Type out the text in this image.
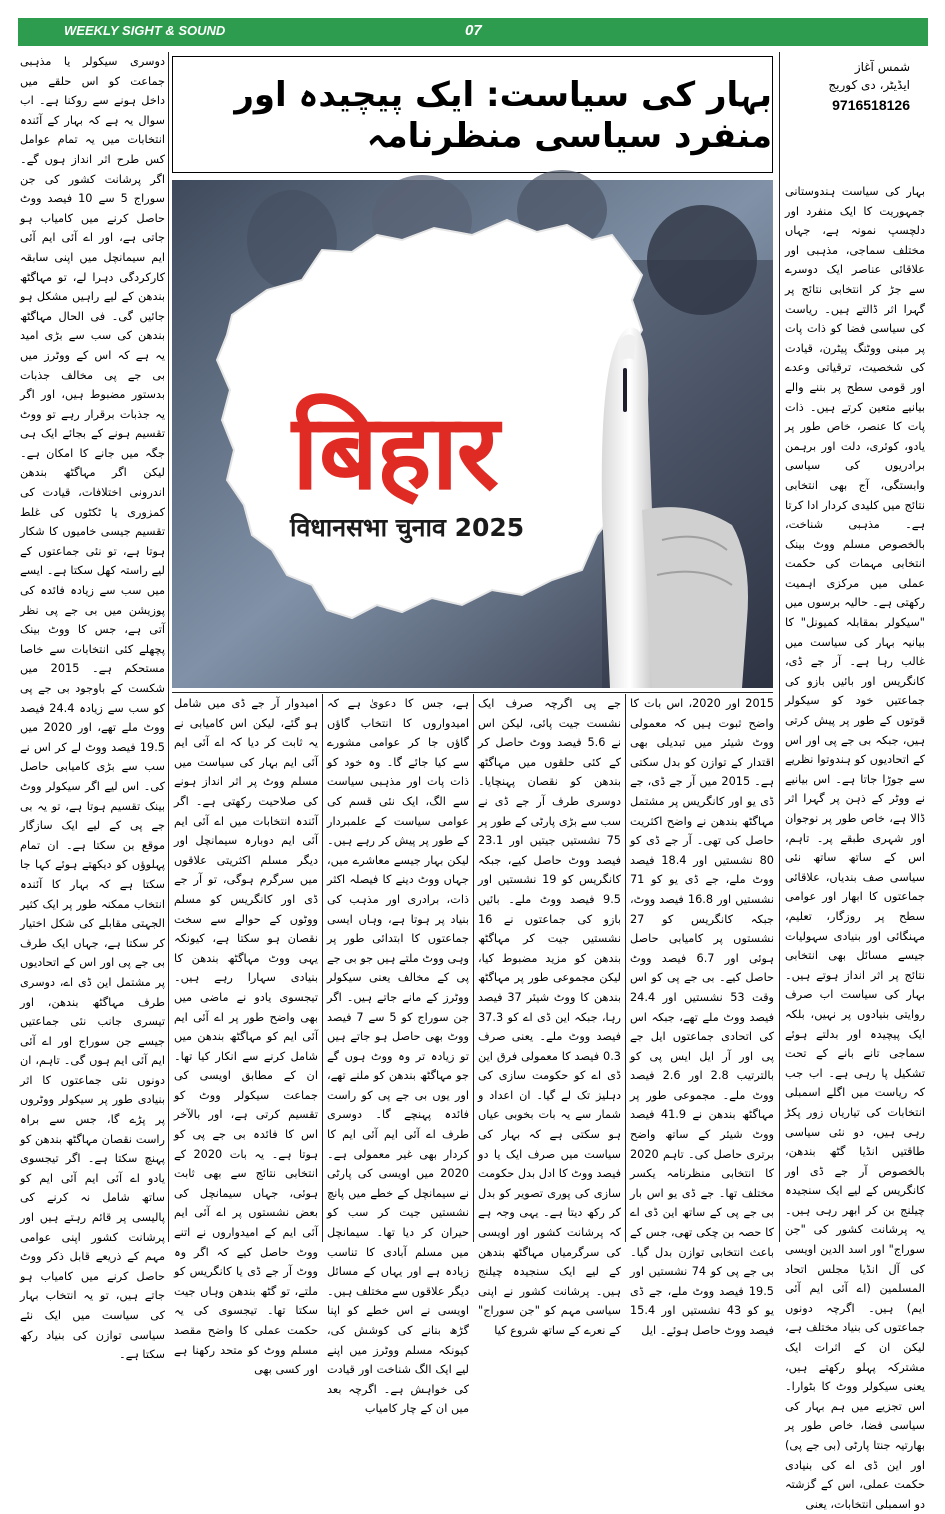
WEEKLY SIGHT & SOUND	07

دوسری سیکولر یا مذہبی جماعت کو اس حلقے میں داخل ہونے سے روکنا ہے۔ اب سوال یہ ہے کہ بہار کے آئندہ انتخابات میں یہ تمام عوامل کس طرح اثر انداز ہوں گے۔ اگر پرشانت کشور کی جن سوراج 5 سے 10 فیصد ووٹ حاصل کرنے میں کامیاب ہو جاتی ہے، اور اے آئی ایم آئی ایم سیمانچل میں اپنی سابقہ کارکردگی دہرا لے، تو مہاگٹھ بندھن کے لیے راہیں مشکل ہو جائیں گی۔ فی الحال مہاگٹھ بندھن کی سب سے بڑی امید یہ ہے کہ اس کے ووٹرز میں بی جے پی مخالف جذبات بدستور مضبوط ہیں، اور اگر یہ جذبات برقرار رہے تو ووٹ تقسیم ہونے کے بجائے ایک ہی جگہ میں جانے کا امکان ہے۔ لیکن اگر مہاگٹھ بندھن اندرونی اختلافات، قیادت کی کمزوری یا ٹکٹوں کی غلط تقسیم جیسی خامیوں کا شکار ہوتا ہے، تو نئی جماعتوں کے لیے راستہ کھل سکتا ہے۔ ایسے میں سب سے زیادہ فائدہ کی پوزیشن میں بی جے پی نظر آتی ہے، جس کا ووٹ بینک پچھلے کئی انتخابات سے خاصا مستحکم ہے۔ 2015 میں شکست کے باوجود بی جے پی کو سب سے زیادہ 24.4 فیصد ووٹ ملے تھے، اور 2020 میں 19.5 فیصد ووٹ لے کر اس نے سب سے بڑی کامیابی حاصل کی۔ اس لیے اگر سیکولر ووٹ بینک تقسیم ہوتا ہے، تو یہ بی جے پی کے لیے ایک سازگار موقع بن سکتا ہے۔ ان تمام پہلوؤں کو دیکھتے ہوئے کہا جا سکتا ہے کہ بہار کا آئندہ انتخاب ممکنہ طور پر ایک کثیر الجہتی مقابلے کی شکل اختیار کر سکتا ہے، جہاں ایک طرف بی جے پی اور اس کے اتحادیوں پر مشتمل این ڈی اے، دوسری طرف مہاگٹھ بندھن، اور تیسری جانب نئی جماعتیں جیسے جن سوراج اور اے آئی ایم آئی ایم ہوں گی۔ تاہم، ان دونوں نئی جماعتوں کا اثر بنیادی طور پر سیکولر ووٹروں پر پڑے گا، جس سے براہ راست نقصان مہاگٹھ بندھن کو پہنچ سکتا ہے۔ اگر تیجسوی یادو اے آئی ایم آئی ایم کو ساتھ شامل نہ کرنے کی پالیسی پر قائم رہتے ہیں اور پرشانت کشور اپنی عوامی مہم کے ذریعے قابل ذکر ووٹ حاصل کرنے میں کامیاب ہو جاتے ہیں، تو یہ انتخاب بہار کی سیاست میں ایک نئے سیاسی توازن کی بنیاد رکھ سکتا ہے۔

بہار کی سیاست: ایک پیچیدہ اور منفرد سیاسی منظرنامہ
شمس آغاز
ایڈیٹر، دی کوریج
9716518126
बिहार
विधानसभा चुनाव 2025

بہار کی سیاست ہندوستانی جمہوریت کا ایک منفرد اور دلچسپ نمونہ ہے، جہاں مختلف سماجی، مذہبی اور علاقائی عناصر ایک دوسرے سے جڑ کر انتخابی نتائج پر گہرا اثر ڈالتے ہیں۔ ریاست کی سیاسی فضا کو ذات پات پر مبنی ووٹنگ پیٹرن، قیادت کی شخصیت، ترقیاتی وعدے اور قومی سطح پر بننے والے بیانیے متعین کرتے ہیں۔ ذات پات کا عنصر، خاص طور پر یادو، کوئری، دلت اور برہمن برادریوں کی سیاسی وابستگی، آج بھی انتخابی نتائج میں کلیدی کردار ادا کرتا ہے۔ مذہبی شناخت، بالخصوص مسلم ووٹ بینک انتخابی مہمات کی حکمت عملی میں مرکزی اہمیت رکھتی ہے۔ حالیہ برسوں میں "سیکولر بمقابلہ کمیونل" کا بیانیہ بہار کی سیاست میں غالب رہا ہے۔ آر جے ڈی، کانگریس اور بائیں بازو کی جماعتیں خود کو سیکولر قوتوں کے طور پر پیش کرتی ہیں، جبکہ بی جے پی اور اس کے اتحادیوں کو ہندوتوا نظریے سے جوڑا جاتا ہے۔ اس بیانیے نے ووٹر کے ذہن پر گہرا اثر ڈالا ہے، خاص طور پر نوجوان اور شہری طبقے پر۔ تاہم، اس کے ساتھ ساتھ نئی سیاسی صف بندیاں، علاقائی جماعتوں کا ابھار اور عوامی سطح پر روزگار، تعلیم، مہنگائی اور بنیادی سہولیات جیسے مسائل بھی انتخابی نتائج پر اثر انداز ہوتے ہیں۔ بہار کی سیاست اب صرف روایتی بنیادوں پر نہیں، بلکہ ایک پیچیدہ اور بدلتے ہوئے سماجی تانے بانے کے تحت تشکیل پا رہی ہے۔ اب جب کہ ریاست میں اگلے اسمبلی انتخابات کی تیاریاں زور پکڑ رہی ہیں، دو نئی سیاسی طاقتیں انڈیا گٹھ بندھن، بالخصوص آر جے ڈی اور کانگریس کے لیے ایک سنجیدہ چیلنج بن کر ابھر رہی ہیں۔ یہ پرشانت کشور کی "جن سوراج" اور اسد الدین اویسی کی آل انڈیا مجلس اتحاد المسلمین (اے آئی ایم آئی ایم) ہیں۔ اگرچہ دونوں جماعتوں کی بنیاد مختلف ہے، لیکن ان کے اثرات ایک مشترکہ پہلو رکھتے ہیں، یعنی سیکولر ووٹ کا بٹوارا۔ اس تجزیے میں ہم بہار کی سیاسی فضا، خاص طور پر بھارتیہ جنتا پارٹی (بی جے پی) اور این ڈی اے کی بنیادی حکمت عملی، اس کے گزشتہ دو اسمبلی انتخابات، یعنی

2015 اور 2020، اس بات کا واضح ثبوت ہیں کہ معمولی ووٹ شیئر میں تبدیلی بھی اقتدار کے توازن کو بدل سکتی ہے۔ 2015 میں آر جے ڈی، جے ڈی یو اور کانگریس پر مشتمل مہاگٹھ بندھن نے واضح اکثریت حاصل کی تھی۔ آر جے ڈی کو 80 نشستیں اور 18.4 فیصد ووٹ ملے، جے ڈی یو کو 71 نشستیں اور 16.8 فیصد ووٹ، جبکہ کانگریس کو 27 نشستوں پر کامیابی حاصل ہوئی اور 6.7 فیصد ووٹ حاصل کیے۔ بی جے پی کو اس وقت 53 نشستیں اور 24.4 فیصد ووٹ ملے تھے، جبکہ اس کی اتحادی جماعتوں ایل جے پی اور آر ایل ایس پی کو بالترتیب 2.8 اور 2.6 فیصد ووٹ ملے۔ مجموعی طور پر مہاگٹھ بندھن نے 41.9 فیصد ووٹ شیئر کے ساتھ واضح برتری حاصل کی۔ تاہم 2020 کا انتخابی منظرنامہ یکسر مختلف تھا۔ جے ڈی یو اس بار بی جے پی کے ساتھ این ڈی اے کا حصہ بن چکی تھی، جس کے باعث انتخابی توازن بدل گیا۔ بی جے پی کو 74 نشستیں اور 19.5 فیصد ووٹ ملے، جے ڈی یو کو 43 نشستیں اور 15.4 فیصد ووٹ حاصل ہوئے۔ ایل

جے پی اگرچہ صرف ایک نشست جیت پائی، لیکن اس نے 5.6 فیصد ووٹ حاصل کر کے کئی حلقوں میں مہاگٹھ بندھن کو نقصان پہنچایا۔ دوسری طرف آر جے ڈی نے سب سے بڑی پارٹی کے طور پر 75 نشستیں جیتیں اور 23.1 فیصد ووٹ حاصل کیے، جبکہ کانگریس کو 19 نشستیں اور 9.5 فیصد ووٹ ملے۔ بائیں بازو کی جماعتوں نے 16 نشستیں جیت کر مہاگٹھ بندھن کو مزید مضبوط کیا، لیکن مجموعی طور پر مہاگٹھ بندھن کا ووٹ شیئر 37 فیصد رہا، جبکہ این ڈی اے کو 37.3 فیصد ووٹ ملے۔ یعنی صرف 0.3 فیصد کا معمولی فرق این ڈی اے کو حکومت سازی کی دہلیز تک لے گیا۔ ان اعداد و شمار سے یہ بات بخوبی عیاں ہو سکتی ہے کہ بہار کی سیاست میں صرف ایک یا دو فیصد ووٹ کا ادل بدل حکومت سازی کی پوری تصویر کو بدل کر رکھ دیتا ہے۔ یہی وجہ ہے کہ پرشانت کشور اور اویسی کی سرگرمیاں مہاگٹھ بندھن کے لیے ایک سنجیدہ چیلنج ہیں۔ پرشانت کشور نے اپنی سیاسی مہم کو "جن سوراج" کے نعرے کے ساتھ شروع کیا

ہے، جس کا دعویٰ ہے کہ امیدواروں کا انتخاب گاؤں گاؤں جا کر عوامی مشورے سے کیا جائے گا۔ وہ خود کو ذات پات اور مذہبی سیاست سے الگ، ایک نئی قسم کی عوامی سیاست کے علمبردار کے طور پر پیش کر رہے ہیں۔ لیکن بہار جیسے معاشرے میں، جہاں ووٹ دینے کا فیصلہ اکثر ذات، برادری اور مذہب کی بنیاد پر ہوتا ہے، وہاں ایسی جماعتوں کا ابتدائی طور پر وہی ووٹ ملتے ہیں جو بی جے پی کے مخالف یعنی سیکولر ووٹرز کے مانے جاتے ہیں۔ اگر جن سوراج کو 5 سے 7 فیصد ووٹ بھی حاصل ہو جاتے ہیں تو زیادہ تر وہ ووٹ ہوں گے جو مہاگٹھ بندھن کو ملنے تھے، اور یوں بی جے پی کو راست فائدہ پہنچے گا۔ دوسری طرف اے آئی ایم آئی ایم کا کردار بھی غیر معمولی ہے۔ 2020 میں اویسی کی پارٹی نے سیمانچل کے خطے میں پانچ نشستیں جیت کر سب کو حیران کر دیا تھا۔ سیمانچل میں مسلم آبادی کا تناسب زیادہ ہے اور یہاں کے مسائل دیگر علاقوں سے مختلف ہیں۔ اویسی نے اس خطے کو اپنا گڑھ بنانے کی کوشش کی، کیونکہ مسلم ووٹرز میں اپنے لیے ایک الگ شناخت اور قیادت کی خواہش ہے۔ اگرچہ بعد میں ان کے چار کامیاب

امیدوار آر جے ڈی میں شامل ہو گئے، لیکن اس کامیابی نے یہ ثابت کر دیا کہ اے آئی ایم آئی ایم بہار کی سیاست میں مسلم ووٹ پر اثر انداز ہونے کی صلاحیت رکھتی ہے۔ اگر آئندہ انتخابات میں اے آئی ایم آئی ایم دوبارہ سیمانچل اور دیگر مسلم اکثریتی علاقوں میں سرگرم ہوگی، تو آر جے ڈی اور کانگریس کو مسلم ووٹوں کے حوالے سے سخت نقصان ہو سکتا ہے، کیونکہ یہی ووٹ مہاگٹھ بندھن کا بنیادی سہارا رہے ہیں۔ تیجسوی یادو نے ماضی میں بھی واضح طور پر اے آئی ایم آئی ایم کو مہاگٹھ بندھن میں شامل کرنے سے انکار کیا تھا۔ ان کے مطابق اویسی کی جماعت سیکولر ووٹ کو تقسیم کرتی ہے، اور بالآخر اس کا فائدہ بی جے پی کو ہوتا ہے۔ یہ بات 2020 کے انتخابی نتائج سے بھی ثابت ہوئی، جہاں سیمانچل کی بعض نشستوں پر اے آئی ایم آئی ایم کے امیدواروں نے اتنے ووٹ حاصل کیے کہ اگر وہ ووٹ آر جے ڈی یا کانگریس کو ملتے، تو گٹھ بندھن وہاں جیت سکتا تھا۔ تیجسوی کی یہ حکمت عملی کا واضح مقصد مسلم ووٹ کو متحد رکھنا ہے اور کسی بھی
